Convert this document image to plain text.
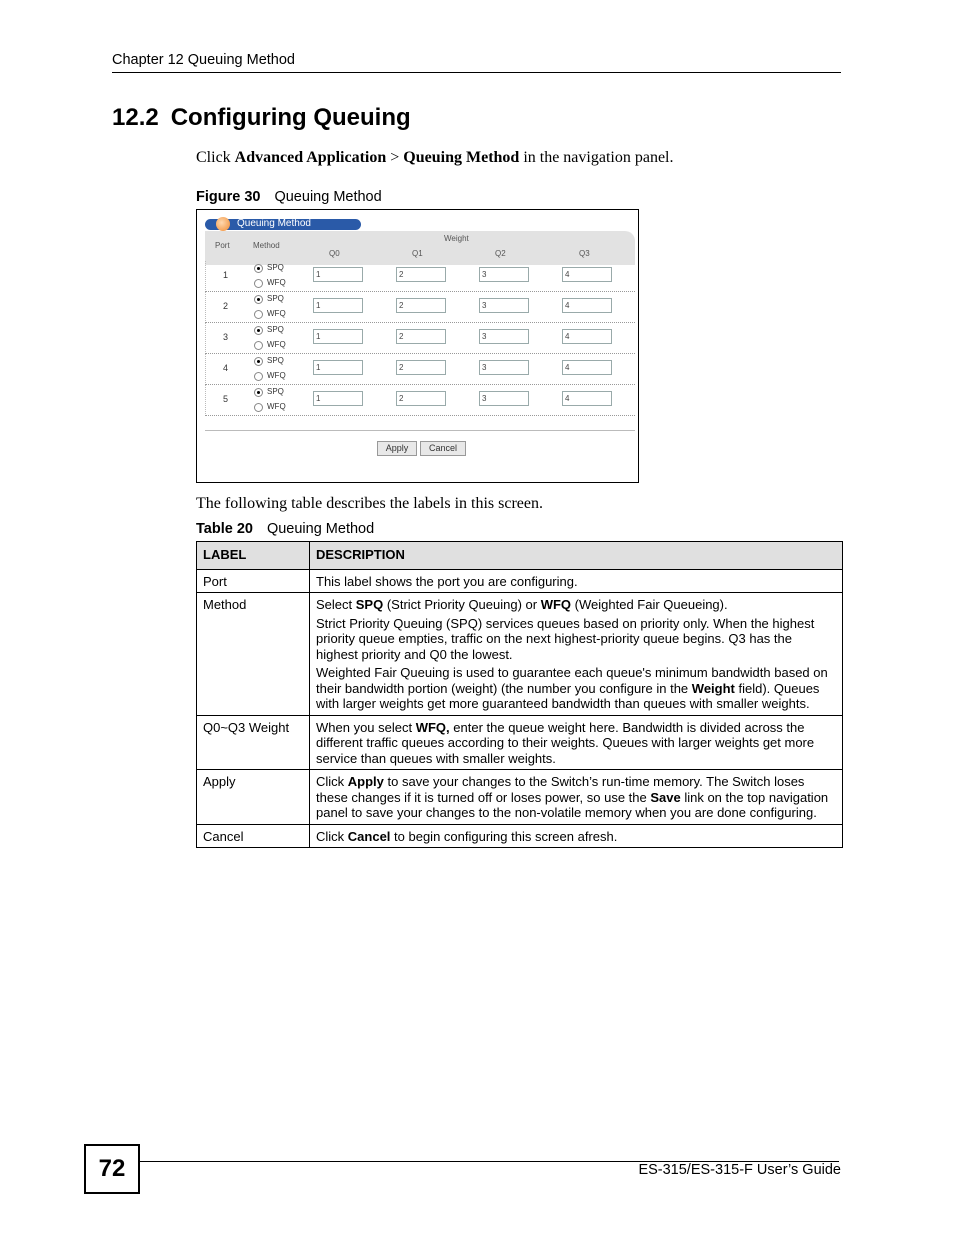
Chapter 12 Queuing Method
12.2 Configuring Queuing
Click Advanced Application > Queuing Method in the navigation panel.
Figure 30 Queuing Method
Queuing Method
Port	Method
Weight
Q0	Q1	Q2	Q3
1
SPQ
WFQ
1	2	3	4
2
SPQ
WFQ
1	2	3	4
3
SPQ
WFQ
1	2	3	4
4
SPQ
WFQ
1	2	3	4
5
SPQ
WFQ
1	2	3	4
Apply	Cancel
The following table describes the labels in this screen.
Table 20 Queuing Method
LABEL	DESCRIPTION
Port	This label shows the port you are configuring.

Method	Select SPQ (Strict Priority Queuing) or WFQ (Weighted Fair Queueing).

Strict Priority Queuing (SPQ) services queues based on priority only. When the highest priority queue empties, traffic on the next highest-priority queue begins. Q3 has the highest priority and Q0 the lowest.

Weighted Fair Queuing is used to guarantee each queue's minimum bandwidth based on their bandwidth portion (weight) (the number you configure in the Weight field). Queues with larger weights get more guaranteed bandwidth than queues with smaller weights.

Q0~Q3 Weight	When you select WFQ, enter the queue weight here. Bandwidth is divided across the different traffic queues according to their weights. Queues with larger weights get more service than queues with smaller weights.

Apply	Click Apply to save your changes to the Switch’s run-time memory. The Switch loses these changes if it is turned off or loses power, so use the Save link on the top navigation panel to save your changes to the non-volatile memory when you are done configuring.

Cancel	Click Cancel to begin configuring this screen afresh.

72	ES-315/ES-315-F User’s Guide
